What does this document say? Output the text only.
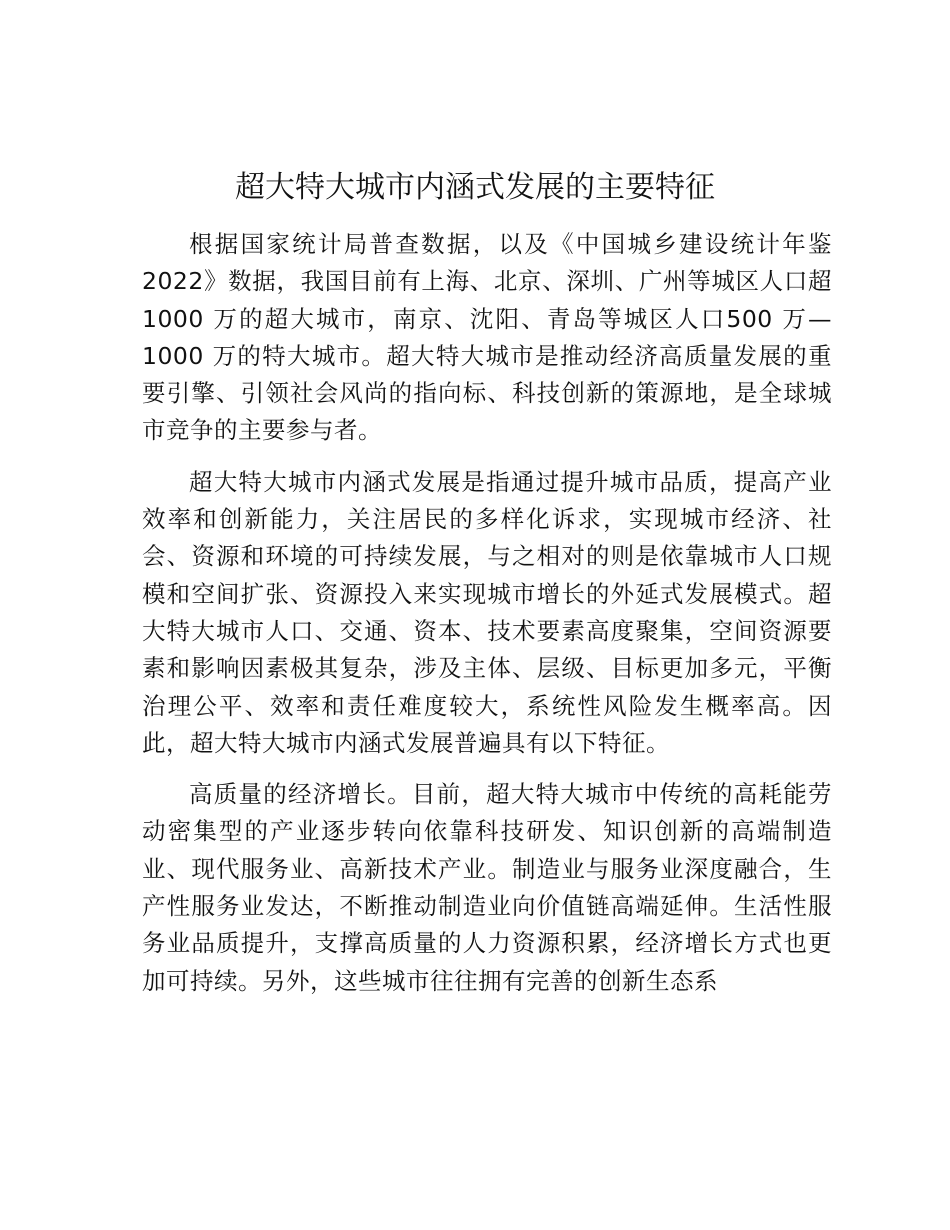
超大特大城市内涵式发展的主要特征

根据国家统计局普查数据，以及《中国城乡建设统计年鉴2022》数据，我国目前有上海、北京、深圳、广州等城区人口超 1000 万的超大城市，南京、沈阳、青岛等城区人口500 万—1000 万的特大城市。超大特大城市是推动经济高质量发展的重要引擎、引领社会风尚的指向标、科技创新的策源地，是全球城市竞争的主要参与者。

超大特大城市内涵式发展是指通过提升城市品质，提高产业效率和创新能力，关注居民的多样化诉求，实现城市经济、社会、资源和环境的可持续发展，与之相对的则是依靠城市人口规模和空间扩张、资源投入来实现城市增长的外延式发展模式。超大特大城市人口、交通、资本、技术要素高度聚集，空间资源要素和影响因素极其复杂，涉及主体、层级、目标更加多元，平衡治理公平、效率和责任难度较大，系统性风险发生概率高。因此，超大特大城市内涵式发展普遍具有以下特征。

高质量的经济增长。目前，超大特大城市中传统的高耗能劳动密集型的产业逐步转向依靠科技研发、知识创新的高端制造业、现代服务业、高新技术产业。制造业与服务业深度融合，生产性服务业发达，不断推动制造业向价值链高端延伸。生活性服务业品质提升，支撑高质量的人力资源积累，经济增长方式也更加可持续。另外，这些城市往往拥有完善的创新生态系
